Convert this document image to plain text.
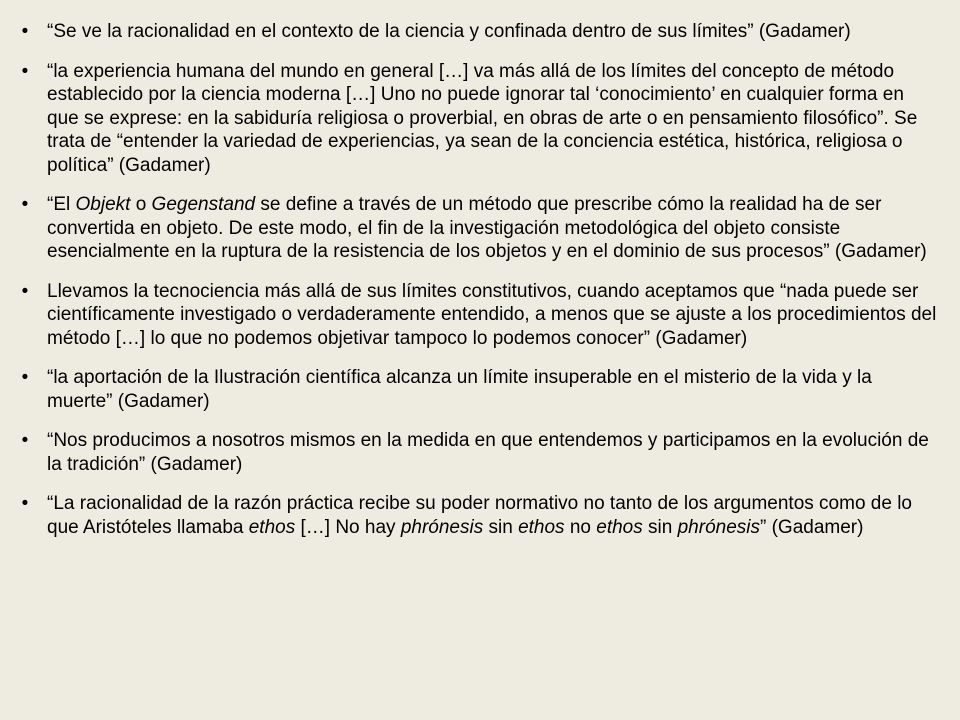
• “Se ve la racionalidad en el contexto de la ciencia y confinada dentro de sus límites” (Gadamer)
• “la experiencia humana del mundo en general […] va más allá de los límites del concepto de método establecido por la ciencia moderna […] Uno no puede ignorar tal ‘conocimiento’ en cualquier forma en que se exprese: en la sabiduría religiosa o proverbial, en obras de arte o en pensamiento filosófico”. Se trata de “entender la variedad de experiencias, ya sean de la conciencia estética, histórica, religiosa o política” (Gadamer)
• “El Objekt o Gegenstand se define a través de un método que prescribe cómo la realidad ha de ser convertida en objeto. De este modo, el fin de la investigación metodológica del objeto consiste esencialmente en la ruptura de la resistencia de los objetos y en el dominio de sus procesos” (Gadamer)
• Llevamos la tecnociencia más allá de sus límites constitutivos, cuando aceptamos que “nada puede ser científicamente investigado o verdaderamente entendido, a menos que se ajuste a los procedimientos del método […] lo que no podemos objetivar tampoco lo podemos conocer” (Gadamer)
• “la aportación de la Ilustración científica alcanza un límite insuperable en el misterio de la vida y la muerte” (Gadamer)
• “Nos producimos a nosotros mismos en la medida en que entendemos y participamos en la evolución de la tradición” (Gadamer)
• “La racionalidad de la razón práctica recibe su poder normativo no tanto de los argumentos como de lo que Aristóteles llamaba ethos […] No hay phrónesis sin ethos no ethos sin phrónesis” (Gadamer)
